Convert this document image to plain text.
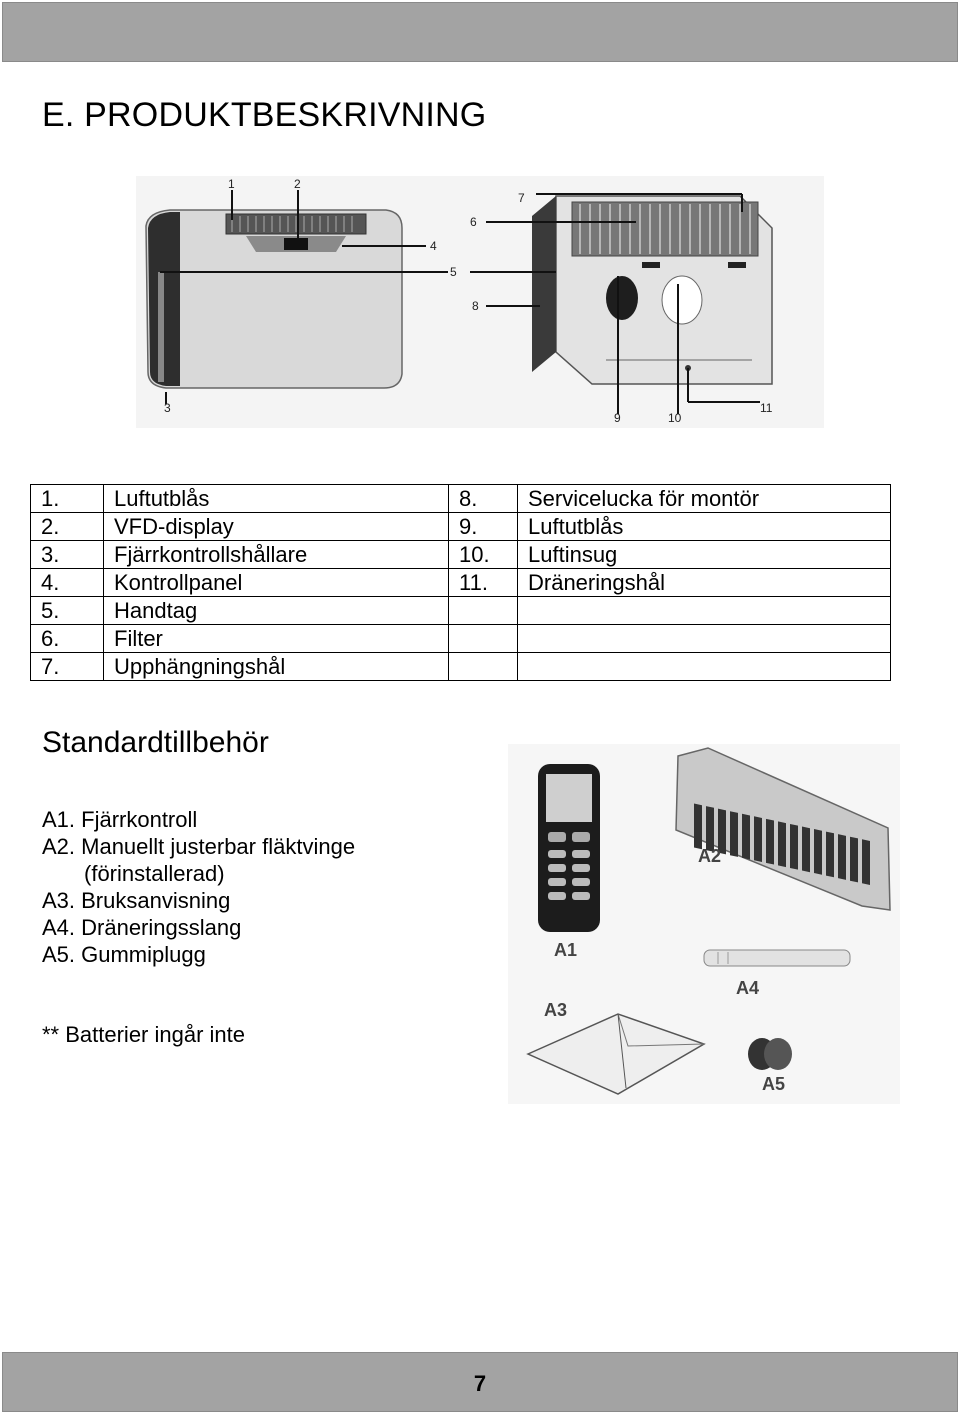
E. PRODUKTBESKRIVNING
1	2
3
4
5
6
7
8
9	10
11
1.	Luftutblås	8.	Servicelucka för montör
2.	VFD-display	9.	Luftutblås
3.	Fjärrkontrollshållare	10.	Luftinsug
4.	Kontrollpanel	11.	Dräneringshål
5.	Handtag		
6.	Filter		
7.	Upphängningshål		
Standardtillbehör
A1. Fjärrkontroll
A2. Manuellt justerbar fläktvinge
(förinstallerad)
A3. Bruksanvisning
A4. Dräneringsslang
A5. Gummiplugg

** Batterier ingår inte

A1
A2
A3
A4
A5
7
